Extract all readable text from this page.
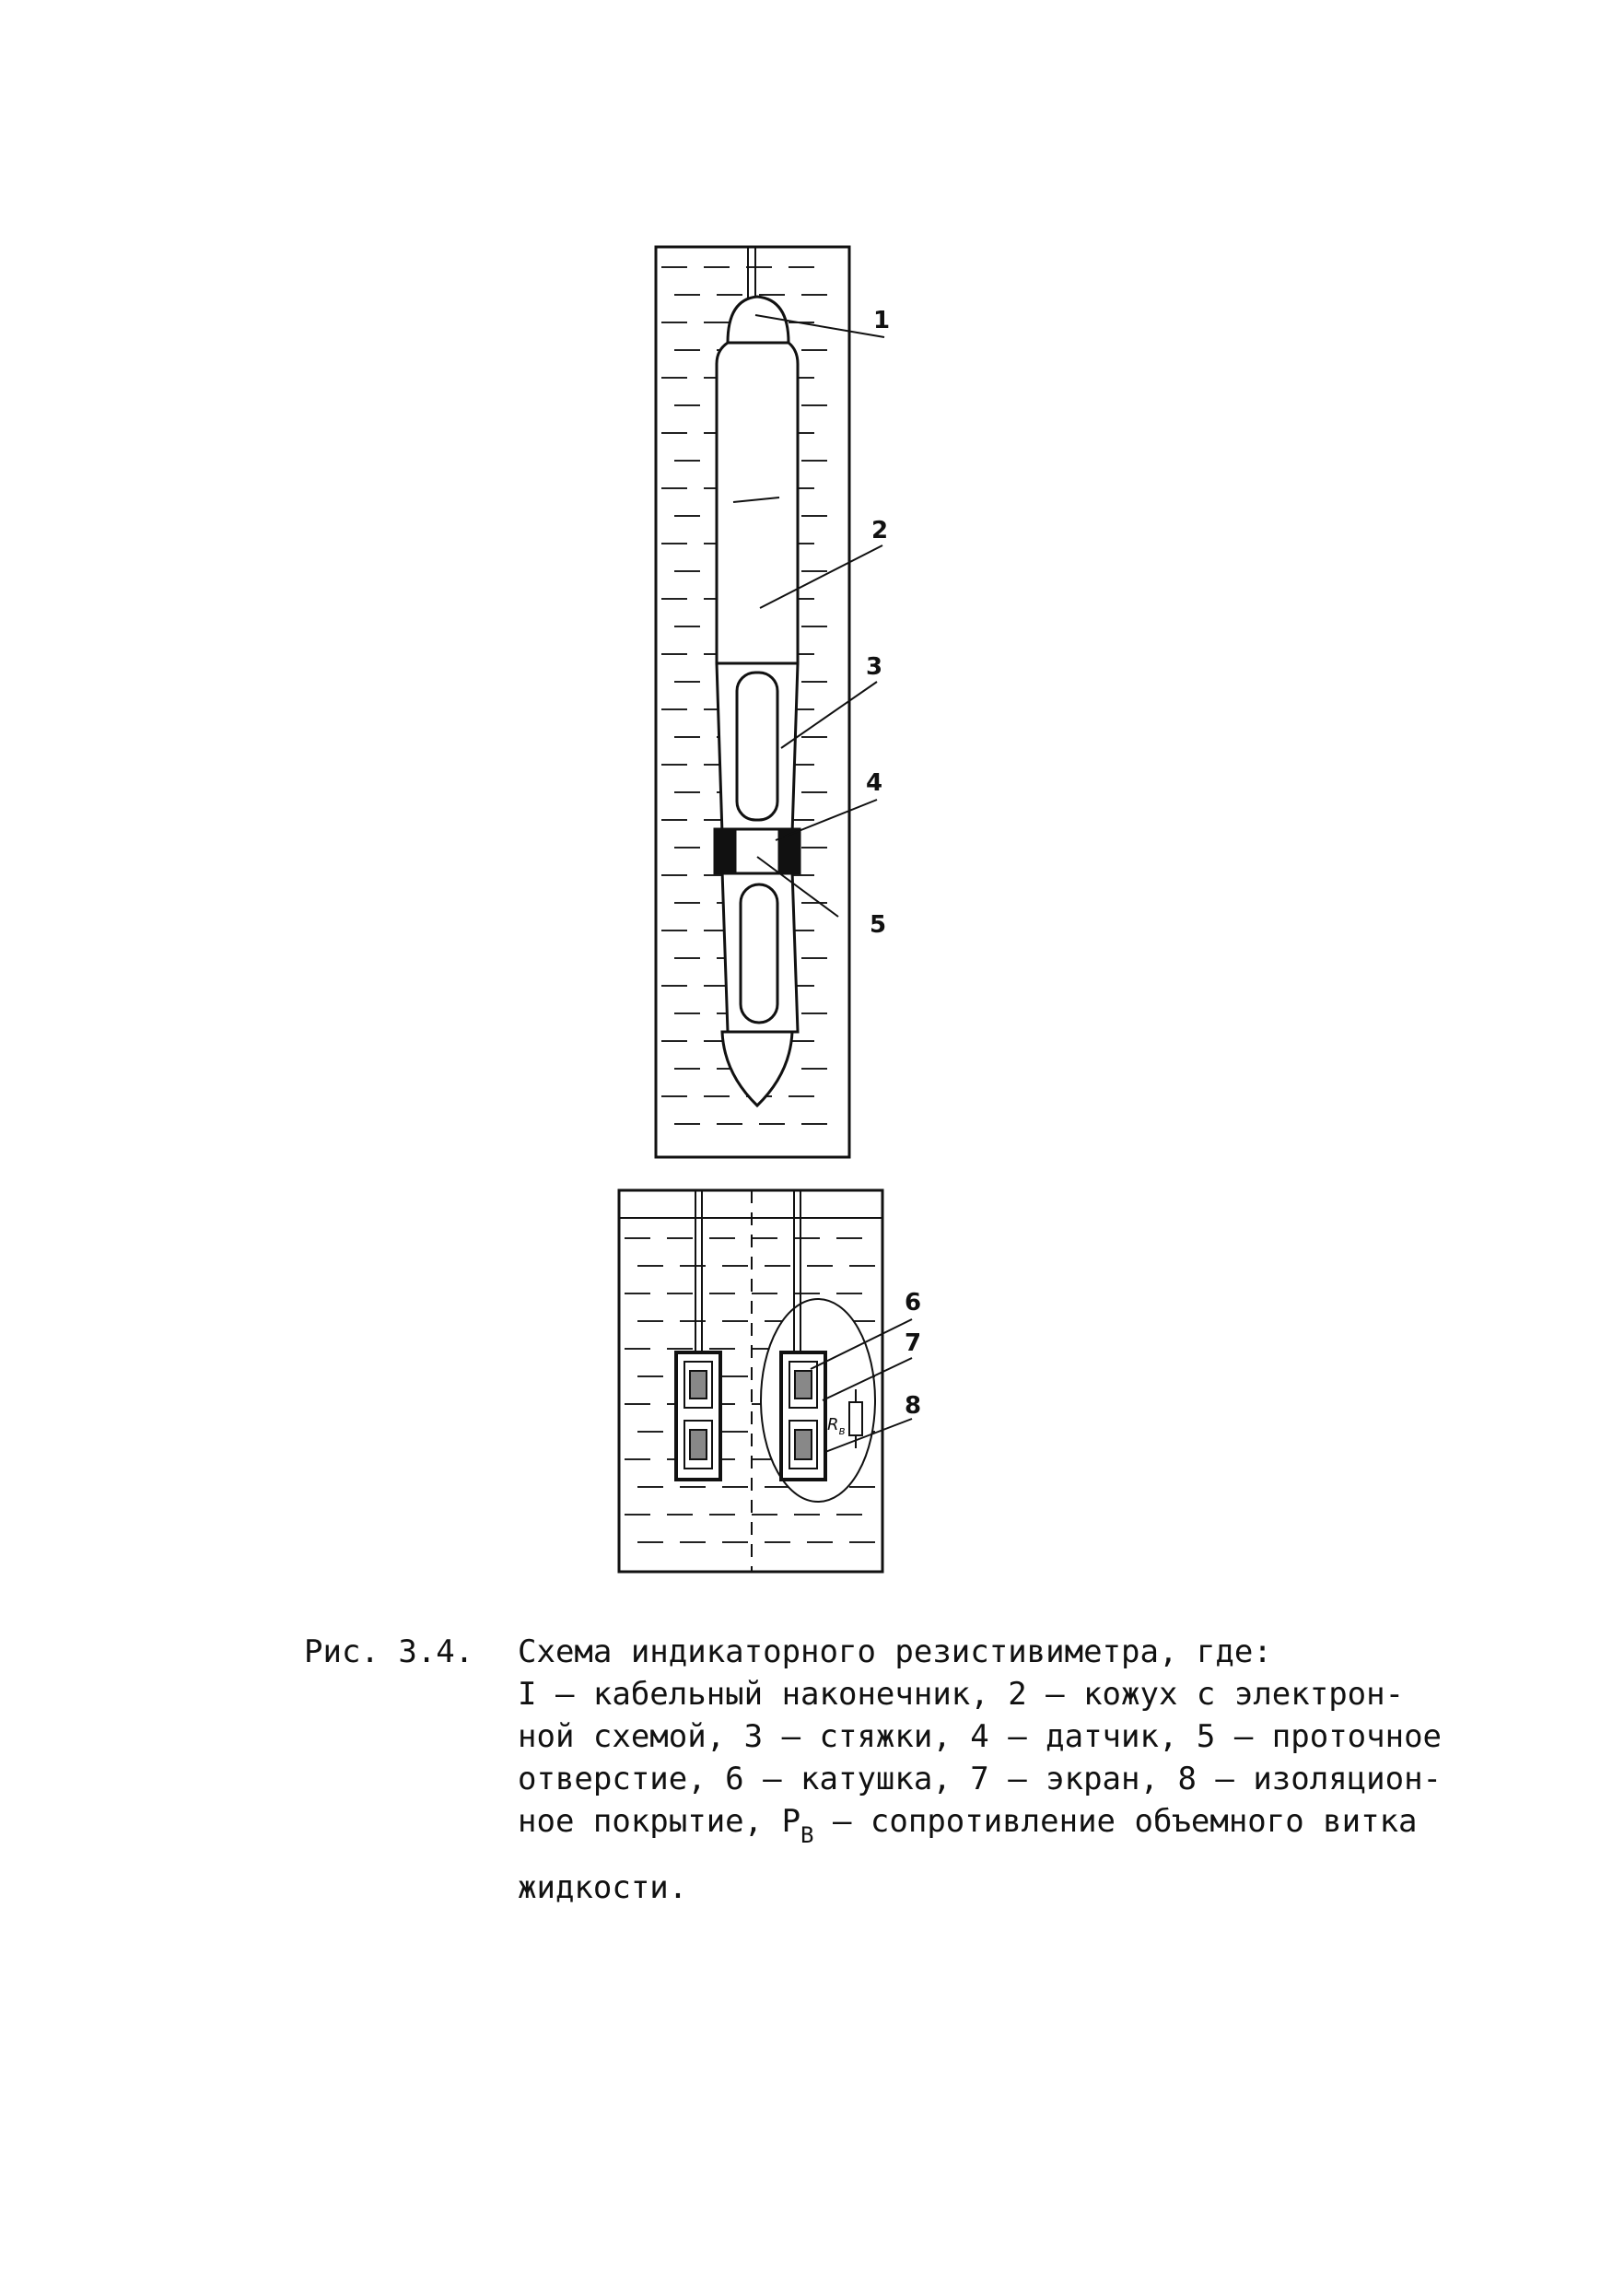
1
2
3
4
5
6
7
8
$R_в$
Рис. 3.4. Схема индикаторного резистивиметра, где:
I – кабельный наконечник, 2 – кожух с электрон-
ной схемой, 3 – стяжки, 4 – датчик, 5 – проточное
отверстие, 6 – катушка, 7 – экран, 8 – изоляцион-
ное покрытие, $P_B$ – сопротивление объемного витка
жидкости.
